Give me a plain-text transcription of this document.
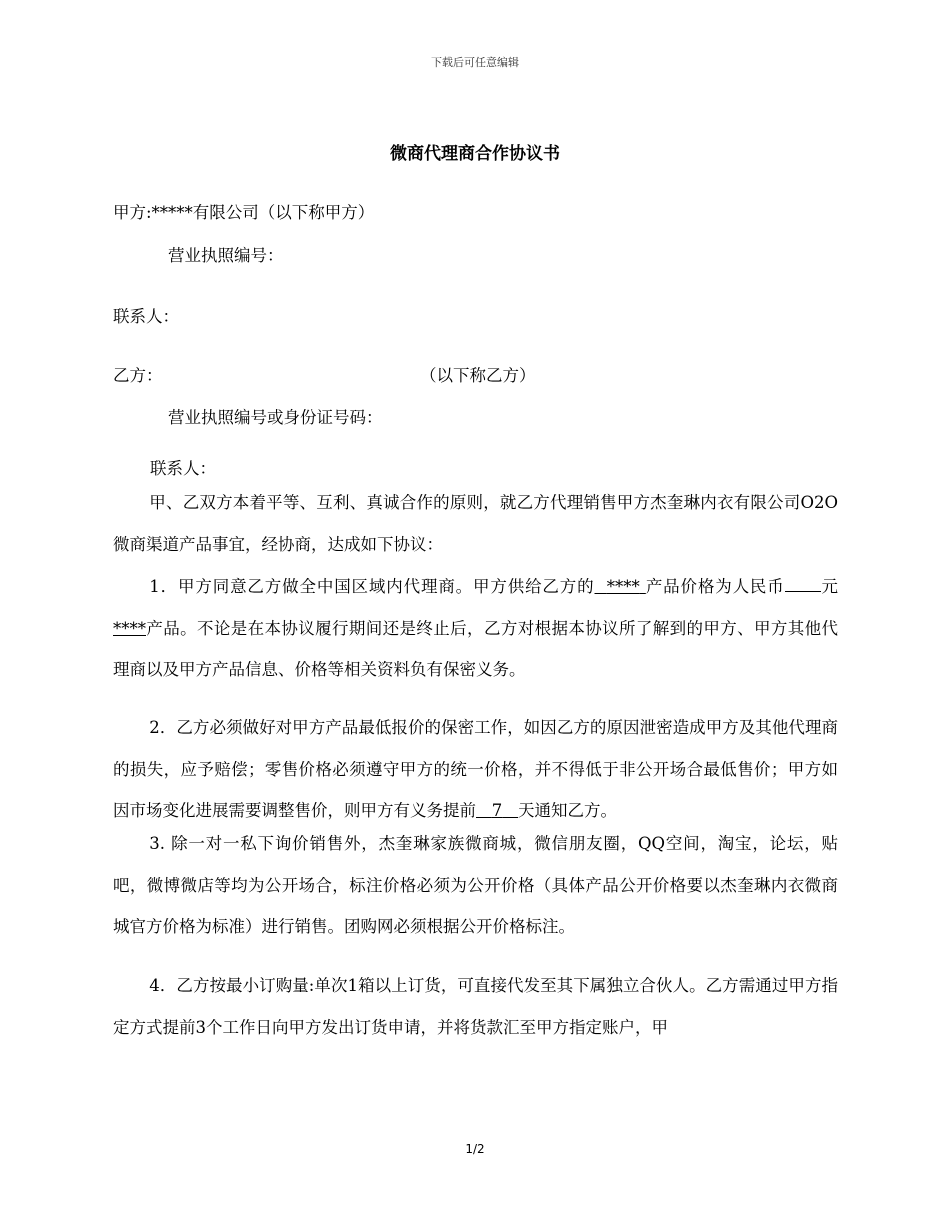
下载后可任意编辑
微商代理商合作协议书
甲方:*****有限公司（以下称甲方）
营业执照编号：
联系人：
乙方：	（以下称乙方）
营业执照编号或身份证号码：
联系人：
甲、乙双方本着平等、互利、真诚合作的原则，就乙方代理销售甲方杰奎琳内衣有限公司O2O微商渠道产品事宜，经协商，达成如下协议：
1．甲方同意乙方做全中国区域内代理商。甲方供给乙方的 **** 产品价格为人民币 元****产品。不论是在本协议履行期间还是终止后，乙方对根据本协议所了解到的甲方、甲方其他代理商以及甲方产品信息、价格等相关资料负有保密义务。
2．乙方必须做好对甲方产品最低报价的保密工作，如因乙方的原因泄密造成甲方及其他代理商的损失，应予赔偿；零售价格必须遵守甲方的统一价格，并不得低于非公开场合最低售价；甲方如因市场变化进展需要调整售价，则甲方有义务提前 7 天通知乙方。
3. 除一对一私下询价销售外，杰奎琳家族微商城，微信朋友圈，QQ空间，淘宝，论坛，贴吧，微博微店等均为公开场合，标注价格必须为公开价格（具体产品公开价格要以杰奎琳内衣微商城官方价格为标准）进行销售。团购网必须根据公开价格标注。
4．乙方按最小订购量:单次1箱以上订货，可直接代发至其下属独立合伙人。乙方需通过甲方指定方式提前3个工作日向甲方发出订货申请，并将货款汇至甲方指定账户，甲
1/2
